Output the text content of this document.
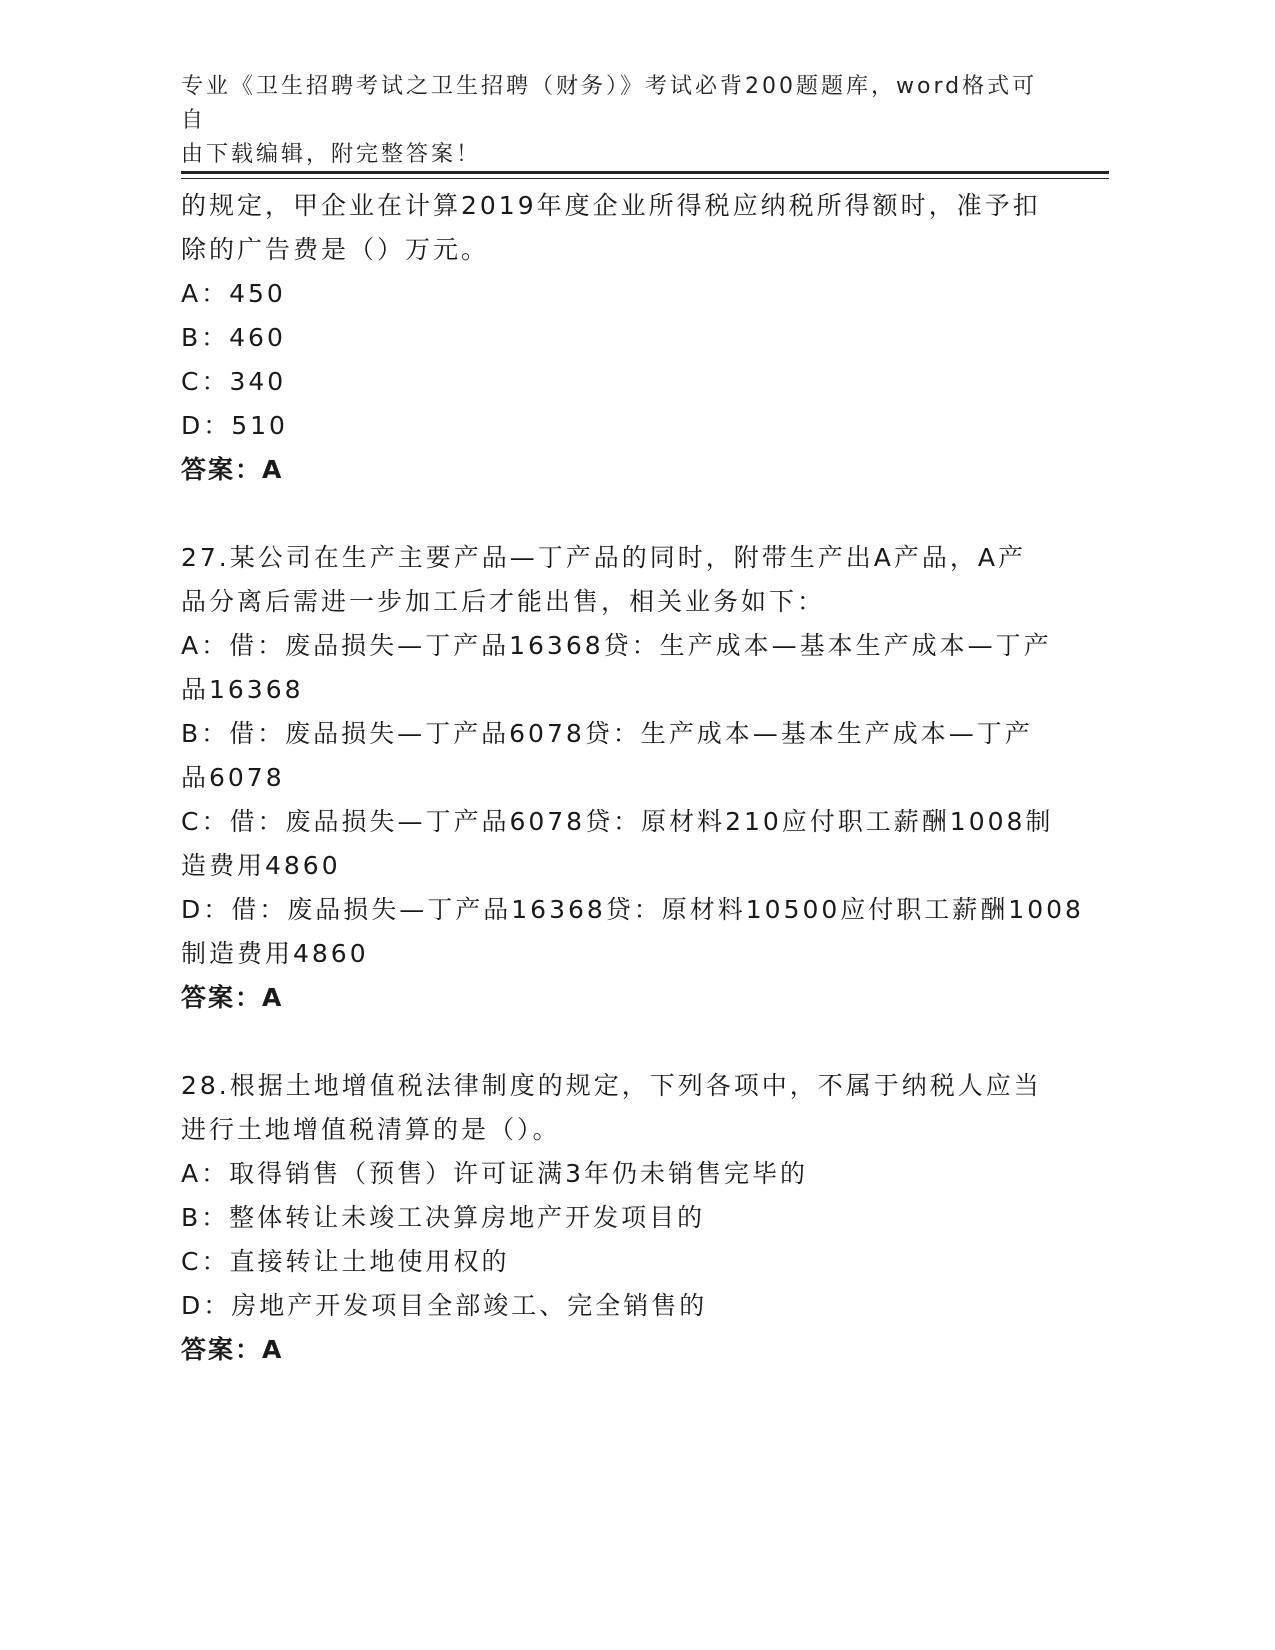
专业《卫生招聘考试之卫生招聘（财务）》考试必背200题题库，word格式可自
由下载编辑，附完整答案！
的规定，甲企业在计算2019年度企业所得税应纳税所得额时，准予扣
除的广告费是（）万元。
A：450
B：460
C：340
D：510
答案：A
27.某公司在生产主要产品—丁产品的同时，附带生产出A产品，A产
品分离后需进一步加工后才能出售，相关业务如下：
A：借：废品损失—丁产品16368贷：生产成本—基本生产成本—丁产
品16368
B：借：废品损失—丁产品6078贷：生产成本—基本生产成本—丁产
品6078
C：借：废品损失—丁产品6078贷：原材料210应付职工薪酬1008制
造费用4860
D：借：废品损失—丁产品16368贷：原材料10500应付职工薪酬1008
制造费用4860
答案：A
28.根据土地增值税法律制度的规定，下列各项中，不属于纳税人应当
进行土地增值税清算的是（）。
A：取得销售（预售）许可证满3年仍未销售完毕的
B：整体转让未竣工决算房地产开发项目的
C：直接转让土地使用权的
D：房地产开发项目全部竣工、完全销售的
答案：A
